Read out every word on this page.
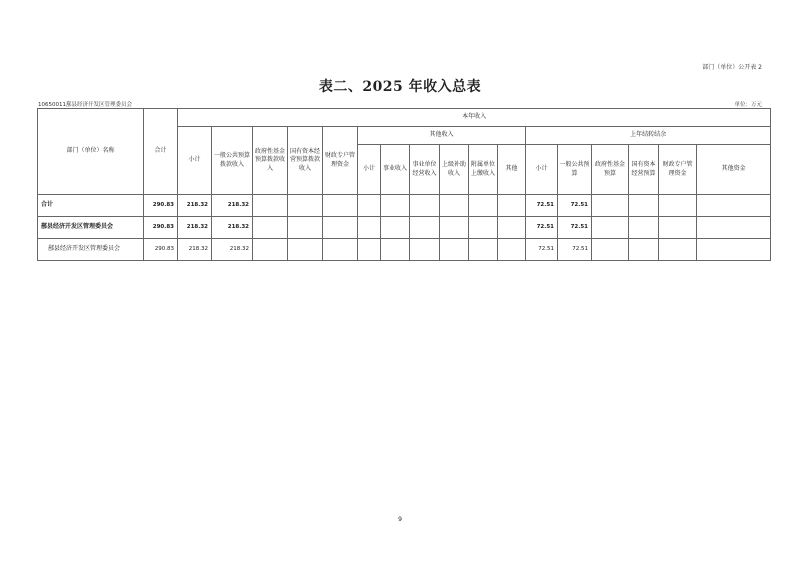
部门（单位）公开表 2
表二、2025 年收入总表
10650011鄯县经济开发区管理委员会	单位：万元
部门（单位）名称	合计	本年收入																
		小计	一般公共预算拨款收入	政府性基金预算拨款收入	国有资本经营预算拨款收入	财政专户管理资金	其他收入						上年结转结余					
							小计	事业收入	事业单位经营收入	上级补助收入	附属单位上缴收入	其他	小计	一般公共预算	政府性基金预算	国有资本经营预算	财政专户管理资金	其他资金
合计	290.83	218.32	218.32										72.51	72.51				
鄯县经济开发区管理委员会	290.83	218.32	218.32										72.51	72.51				
鄯县经济开发区管理委员会	290.83	218.32	218.32										72.51	72.51				
9
